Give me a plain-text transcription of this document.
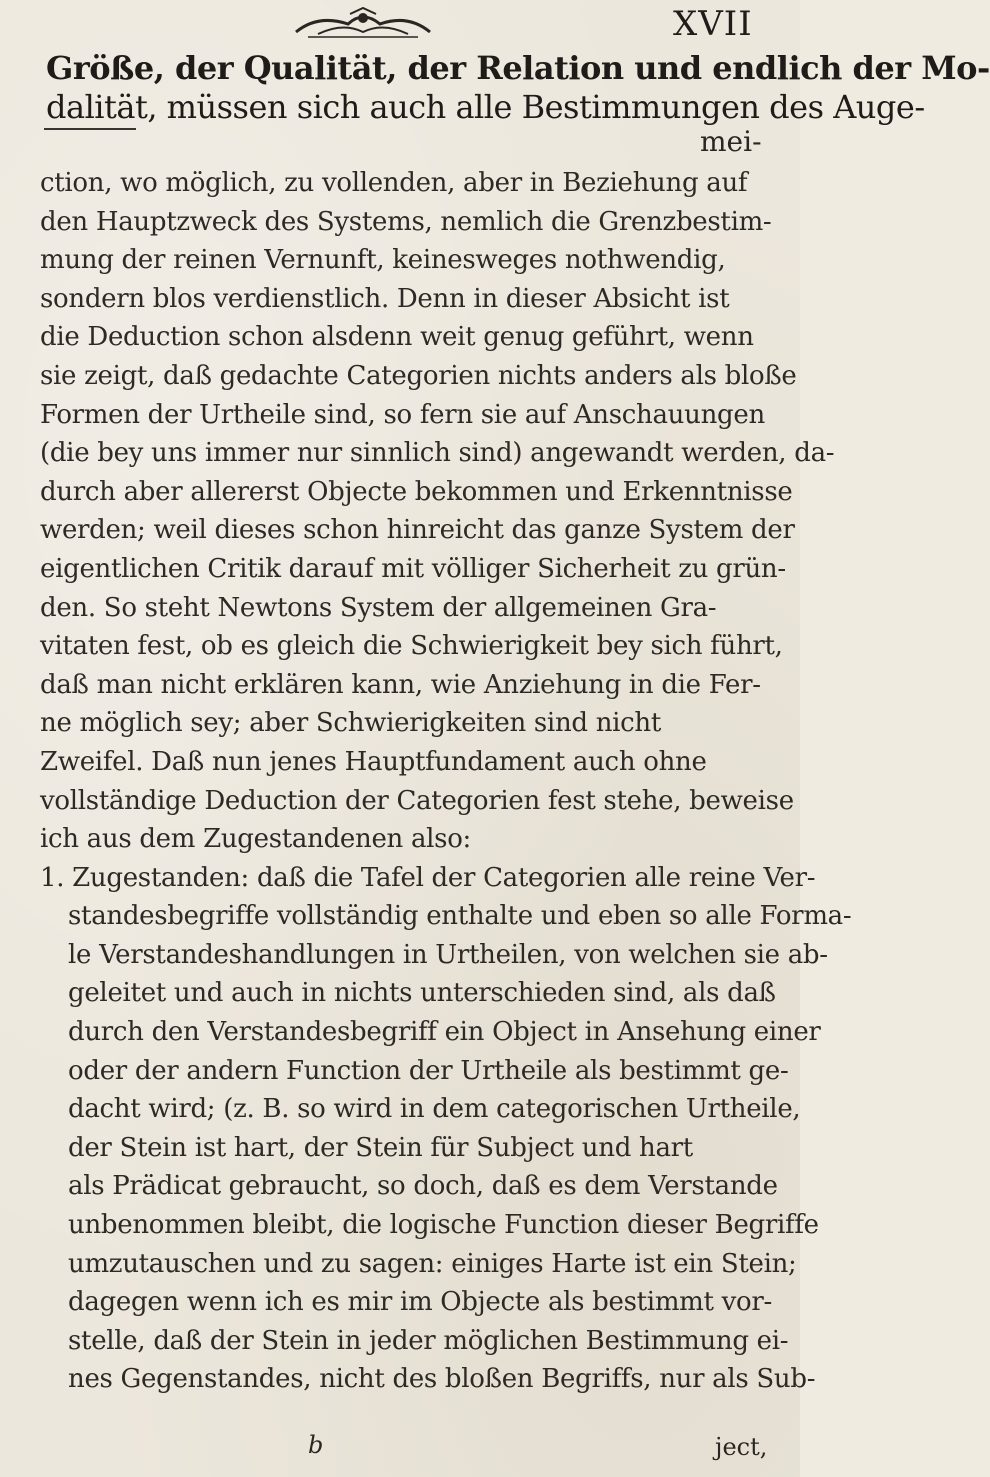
XVII
Größe, der Qualität, der Relation und endlich der Mo-
dalität, müssen sich auch alle Bestimmungen des Auge-
mei-
ction, wo möglich, zu vollenden, aber in Beziehung auf
den Hauptzweck des Systems, nemlich die Grenzbestim-
mung der reinen Vernunft, keinesweges nothwendig,
sondern blos verdienstlich. Denn in dieser Absicht ist
die Deduction schon alsdenn weit genug geführt, wenn
sie zeigt, daß gedachte Categorien nichts anders als bloße
Formen der Urtheile sind, so fern sie auf Anschauungen
(die bey uns immer nur sinnlich sind) angewandt werden, da-
durch aber allererst Objecte bekommen und Erkenntnisse
werden; weil dieses schon hinreicht das ganze System der
eigentlichen Critik darauf mit völliger Sicherheit zu grün-
den. So steht Newtons System der allgemeinen Gra-
vitaten fest, ob es gleich die Schwierigkeit bey sich führt,
daß man nicht erklären kann, wie Anziehung in die Fer-
ne möglich sey; aber Schwierigkeiten sind nicht
Zweifel. Daß nun jenes Hauptfundament auch ohne
vollständige Deduction der Categorien fest stehe, beweise
ich aus dem Zugestandenen also:
1. Zugestanden: daß die Tafel der Categorien alle reine Ver-
standesbegriffe vollständig enthalte und eben so alle Forma-
le Verstandeshandlungen in Urtheilen, von welchen sie ab-
geleitet und auch in nichts unterschieden sind, als daß
durch den Verstandesbegriff ein Object in Ansehung einer
oder der andern Function der Urtheile als bestimmt ge-
dacht wird; (z. B. so wird in dem categorischen Urtheile,
der Stein ist hart, der Stein für Subject und hart
als Prädicat gebraucht, so doch, daß es dem Verstande
unbenommen bleibt, die logische Function dieser Begriffe
umzutauschen und zu sagen: einiges Harte ist ein Stein;
dagegen wenn ich es mir im Objecte als bestimmt vor-
stelle, daß der Stein in jeder möglichen Bestimmung ei-
nes Gegenstandes, nicht des bloßen Begriffs, nur als Sub-
b	ject,
